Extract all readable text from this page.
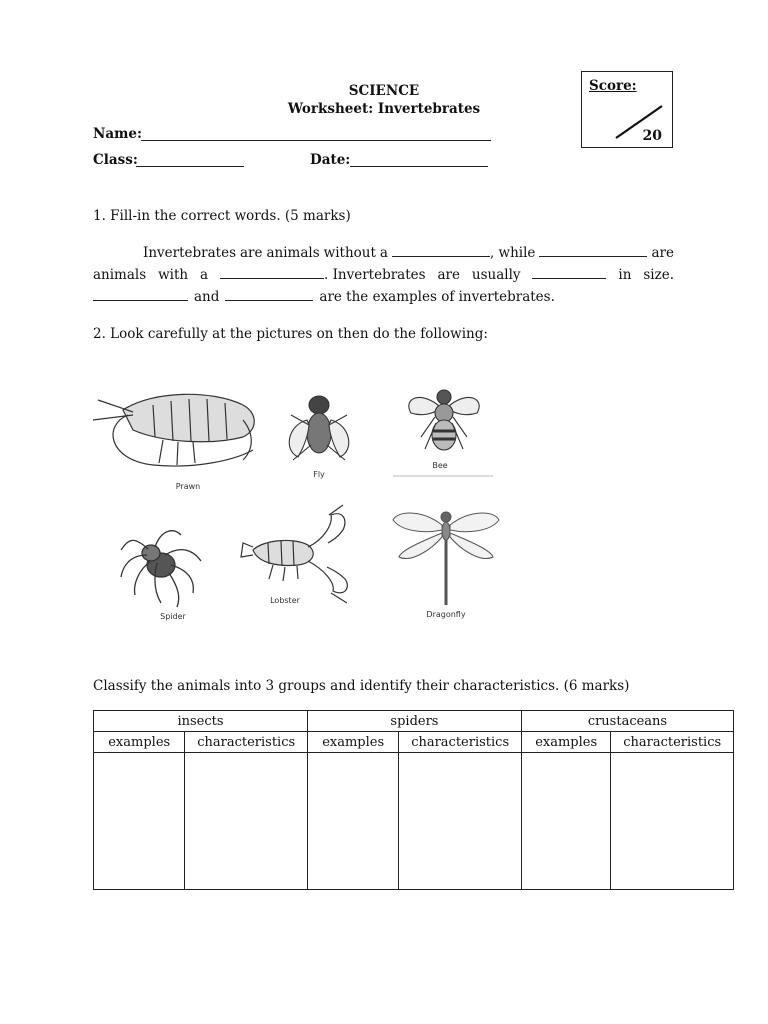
SCIENCE
Worksheet: Invertebrates
Score:
20
Name:
Class:	Date:
1. Fill-in the correct words. (5 marks)
Invertebrates are animals without a	, while	are
animals with a	. Invertebrates are usually	in size.
and	are the examples of invertebrates.
2. Look carefully at the pictures on then do the following:
Prawn
Fly
Bee
Spider
Lobster
Dragonfly
Classify the animals into 3 groups and identify their characteristics. (6 marks)
insects		spiders		crustaceans	
examples	characteristics	examples	characteristics	examples	characteristics
